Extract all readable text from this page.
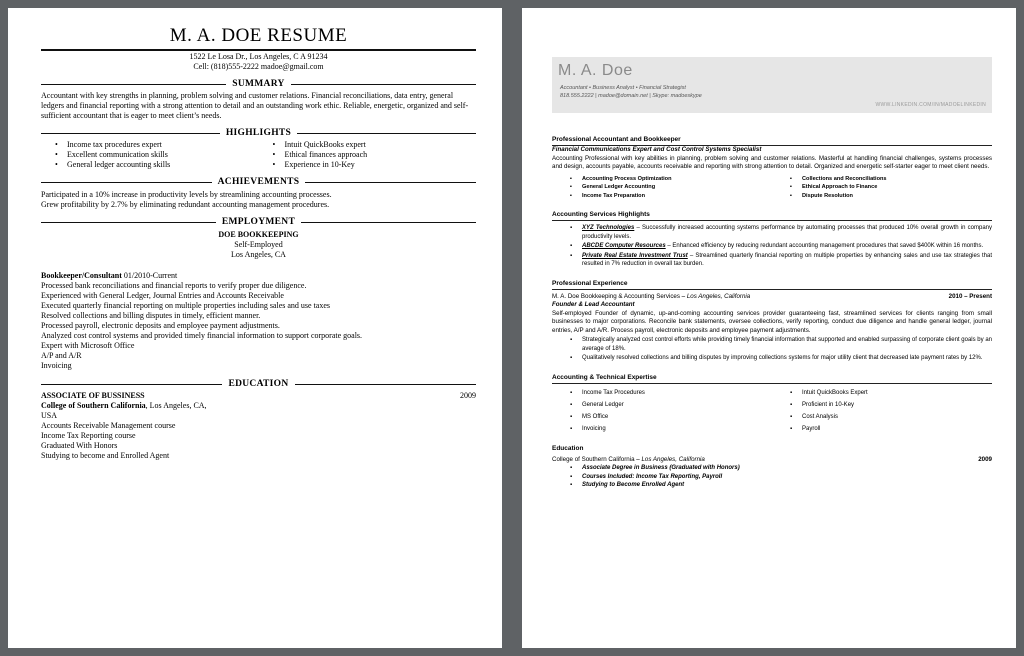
M. A. DOE RESUME
1522 Le Losa Dr., Los Angeles, C A 91234
Cell: (818)555-2222 madoe@gmail.com
SUMMARY
Accountant with key strengths in planning, problem solving and customer relations. Financial reconciliations, data entry, general ledgers and financial reporting with a strong attention to detail and an outstanding work ethic. Reliable, energetic, organized and self-sufficient accountant that is eager to meet client’s needs.
HIGHLIGHTS
• Income tax procedures expert	• Intuit QuickBooks expert
• Excellent communication skills	• Ethical finances approach
• General ledger accounting skills	• Experience in 10-Key
ACHIEVEMENTS
Participated in a 10% increase in productivity levels by streamlining accounting processes.
Grew profitability by 2.7% by eliminating redundant accounting management procedures.
EMPLOYMENT
DOE BOOKKEEPING
Self-Employed
Los Angeles, CA
Bookkeeper/Consultant 01/2010-Current
Processed bank reconciliations and financial reports to verify proper due diligence.
Experienced with General Ledger, Journal Entries and Accounts Receivable
Executed quarterly financial reporting on multiple properties including sales and use taxes
Resolved collections and billing disputes in timely, efficient manner.
Processed payroll, electronic deposits and employee payment adjustments.
Analyzed cost control systems and provided timely financial information to support corporate goals.
Expert with Microsoft Office
A/P and A/R
Invoicing
EDUCATION
ASSOCIATE OF BUSSINESS	2009
College of Southern California, Los Angeles, CA,
USA
Accounts Receivable Management course
Income Tax Reporting course
Graduated With Honors
Studying to become and Enrolled Agent
M. A. Doe
Accountant • Business Analyst • Financial Strategist
818.555.2222 | madoe@domain.net | Skype: madoeskype
WWW.LINKEDIN.COM/IN/MADOELINKEDIN
Professional Accountant and Bookkeeper
Financial Communications Expert and Cost Control Systems Specialist
Accounting Professional with key abilities in planning, problem solving and customer relations. Masterful at handling financial challenges, systems processes and design, accounts payable, accounts receivable and reporting with strong attention to detail. Organized and energetic self-starter eager to meet client needs.
▪ Accounting Process Optimization	▪ Collections and Reconciliations
▪ General Ledger Accounting	▪ Ethical Approach to Finance
▪ Income Tax Preparation	▪ Dispute Resolution
Accounting Services Highlights
▪ XYZ Technologies – Successfully increased accounting systems performance by automating processes that produced 10% overall growth in company productivity levels.
▪ ABCDE Computer Resources – Enhanced efficiency by reducing redundant accounting management procedures that saved $400K within 16 months.
▪ Private Real Estate Investment Trust – Streamlined quarterly financial reporting on multiple properties by enhancing sales and use tax strategies that resulted in 7% reduction in overall tax burden.
Professional Experience
M. A. Doe Bookkeeping & Accounting Services – Los Angeles, California	2010 – Present
Founder & Lead Accountant
Self-employed Founder of dynamic, up-and-coming accounting services provider guaranteeing fast, streamlined services for clients ranging from small businesses to major corporations. Reconcile bank statements, oversee collections, verify reporting, conduct due diligence and handle general ledger, journal entries, A/P and A/R. Process payroll, electronic deposits and employee payment adjustments.
▪ Strategically analyzed cost control efforts while providing timely financial information that supported and enabled surpassing of corporate client goals by an average of 18%.
▪ Qualitatively resolved collections and billing disputes by improving collections systems for major utility client that decreased late payment rates by 12%.
Accounting & Technical Expertise
▪ Income Tax Procedures	▪ Intuit QuickBooks Expert
▪ General Ledger	▪ Proficient in 10-Key
▪ MS Office	▪ Cost Analysis
▪ Invoicing	▪ Payroll
Education
College of Southern California – Los Angeles, California	2009
▪ Associate Degree in Business (Graduated with Honors)
▪ Courses Included: Income Tax Reporting, Payroll
▪ Studying to Become Enrolled Agent
